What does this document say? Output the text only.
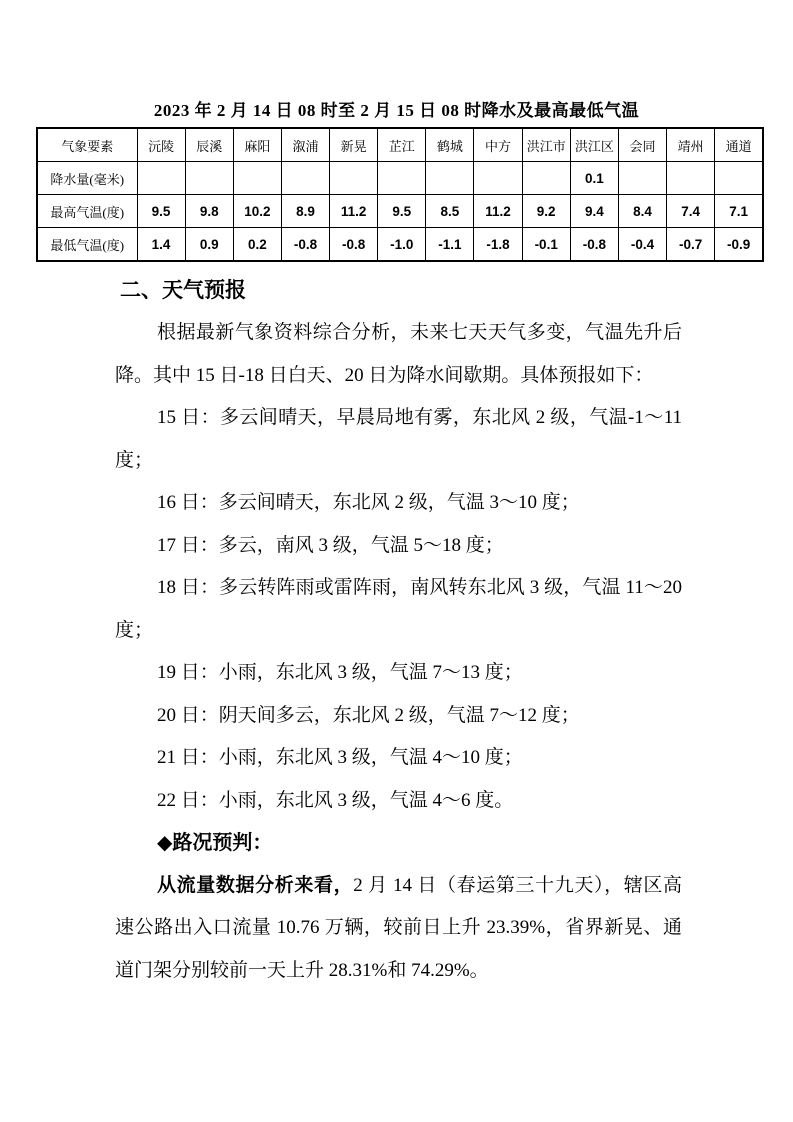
2023 年 2 月 14 日 08 时至 2 月 15 日 08 时降水及最高最低气温
气象要素	沅陵	辰溪	麻阳	溆浦	新晃	芷江	鹤城	中方	洪江市	洪江区	会同	靖州	通道
降水量(毫米)										0.1			
最高气温(度)	9.5	9.8	10.2	8.9	11.2	9.5	8.5	11.2	9.2	9.4	8.4	7.4	7.1
最低气温(度)	1.4	0.9	0.2	-0.8	-0.8	-1.0	-1.1	-1.8	-0.1	-0.8	-0.4	-0.7	-0.9
二、天气预报

根据最新气象资料综合分析，未来七天天气多变，气温先升后降。其中 15 日-18 日白天、20 日为降水间歇期。具体预报如下：

15 日：多云间晴天，早晨局地有雾，东北风 2 级，气温-1～11 度；

16 日：多云间晴天，东北风 2 级，气温 3～10 度；

17 日：多云，南风 3 级，气温 5～18 度；

18 日：多云转阵雨或雷阵雨，南风转东北风 3 级，气温 11～20 度；

19 日：小雨，东北风 3 级，气温 7～13 度；

20 日：阴天间多云，东北风 2 级，气温 7～12 度；

21 日：小雨，东北风 3 级，气温 4～10 度；

22 日：小雨，东北风 3 级，气温 4～6 度。

◆路况预判：

从流量数据分析来看，2 月 14 日（春运第三十九天），辖区高速公路出入口流量 10.76 万辆，较前日上升 23.39%，省界新晃、通道门架分别较前一天上升 28.31%和 74.29%。
